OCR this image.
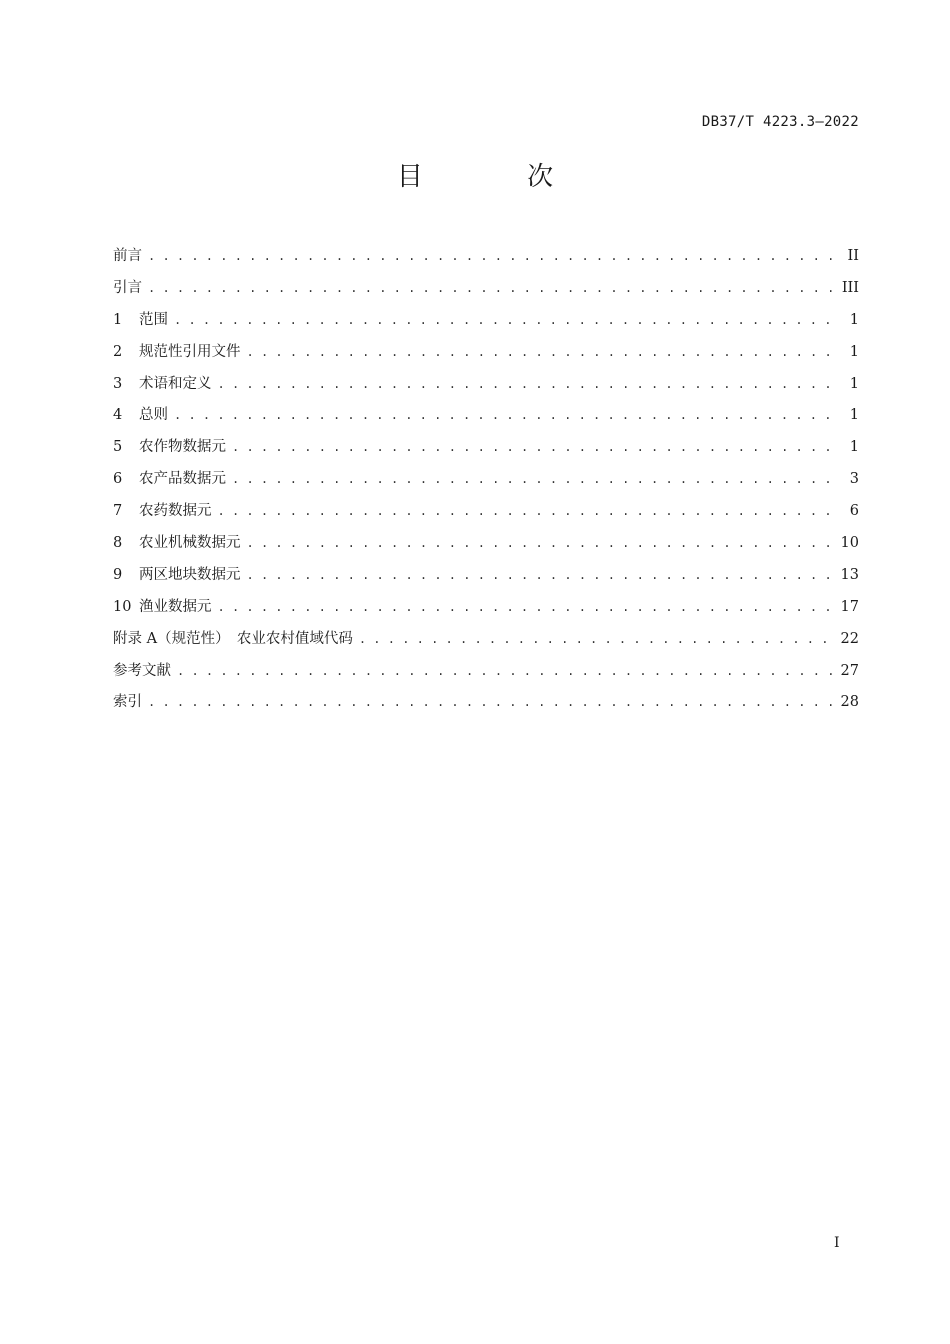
DB37/T 4223.3—2022
目 次
前言 . . .	II
引言 . . .	III
1 范围 . . .	1
2 规范性引用文件 . . .	1
3 术语和定义 . . .	1
4 总则 . . .	1
5 农作物数据元 . . .	1
6 农产品数据元 . . .	3
7 农药数据元 . . .	6
8 农业机械数据元 . . .	10
9 两区地块数据元 . . .	13
10 渔业数据元 . . .	17
附录 A（规范性）　农业农村值域代码 . . .	22
参考文献 . . .	27
索引 . . .	28
I
